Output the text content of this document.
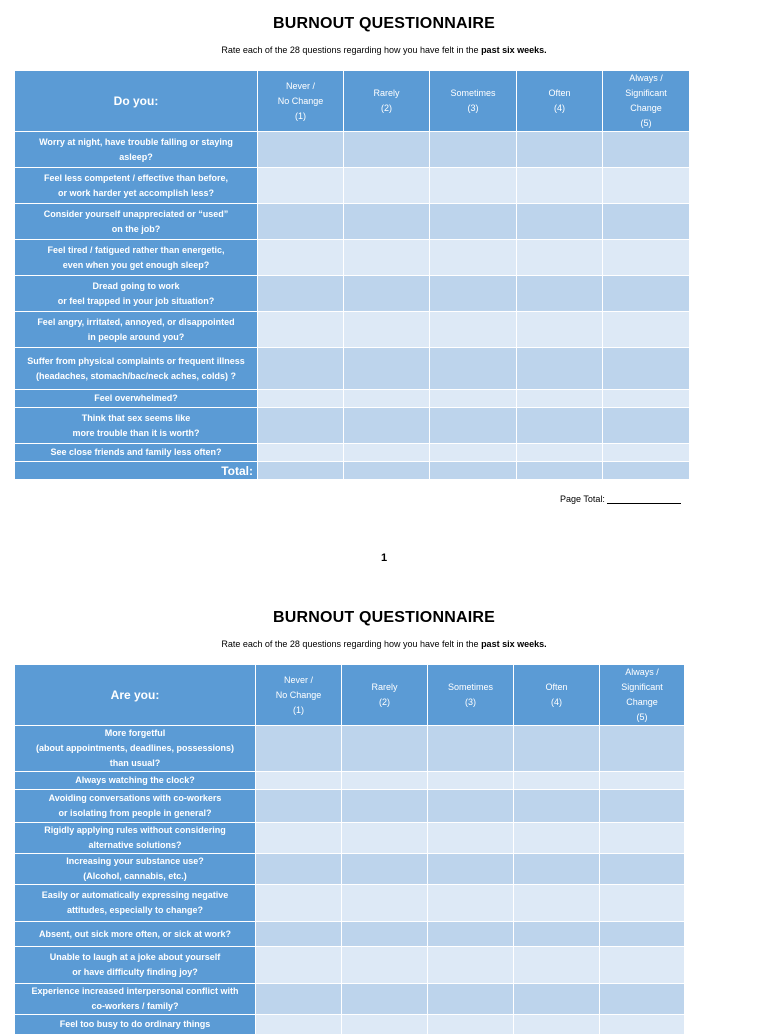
BURNOUT QUESTIONNAIRE
Rate each of the 28 questions regarding how you have felt in the past six weeks.
Do you:	Never /
No Change
(1)	Rarely
(2)	Sometimes
(3)	Often
(4)	Always /
Significant
Change
(5)
Worry at night, have trouble falling or staying
asleep?					
Feel less competent / effective than before,
or work harder yet accomplish less?					
Consider yourself unappreciated or “used”
on the job?					
Feel tired / fatigued rather than energetic,
even when you get enough sleep?					
Dread going to work
or feel trapped in your job situation?					
Feel angry, irritated, annoyed, or disappointed
in people around you?					
Suffer from physical complaints or frequent illness
(headaches, stomach/bac/neck aches, colds) ?					
Feel overwhelmed?					
Think that sex seems like
more trouble than it is worth?					
See close friends and family less often?					
Total:					
Page Total:
1
BURNOUT QUESTIONNAIRE
Rate each of the 28 questions regarding how you have felt in the past six weeks.
Are you:	Never /
No Change
(1)	Rarely
(2)	Sometimes
(3)	Often
(4)	Always /
Significant
Change
(5)
More forgetful
(about appointments, deadlines, possessions)
than usual?					
Always watching the clock?					
Avoiding conversations with co-workers
or isolating from people in general?					
Rigidly applying rules without considering
alternative solutions?					
Increasing your substance use?
(Alcohol, cannabis, etc.)					
Easily or automatically expressing negative
attitudes, especially to change?					
Absent, out sick more often, or sick at work?					
Unable to laugh at a joke about yourself
or have difficulty finding joy?					
Experience increased interpersonal conflict with
co-workers / family?					
Feel too busy to do ordinary things					
